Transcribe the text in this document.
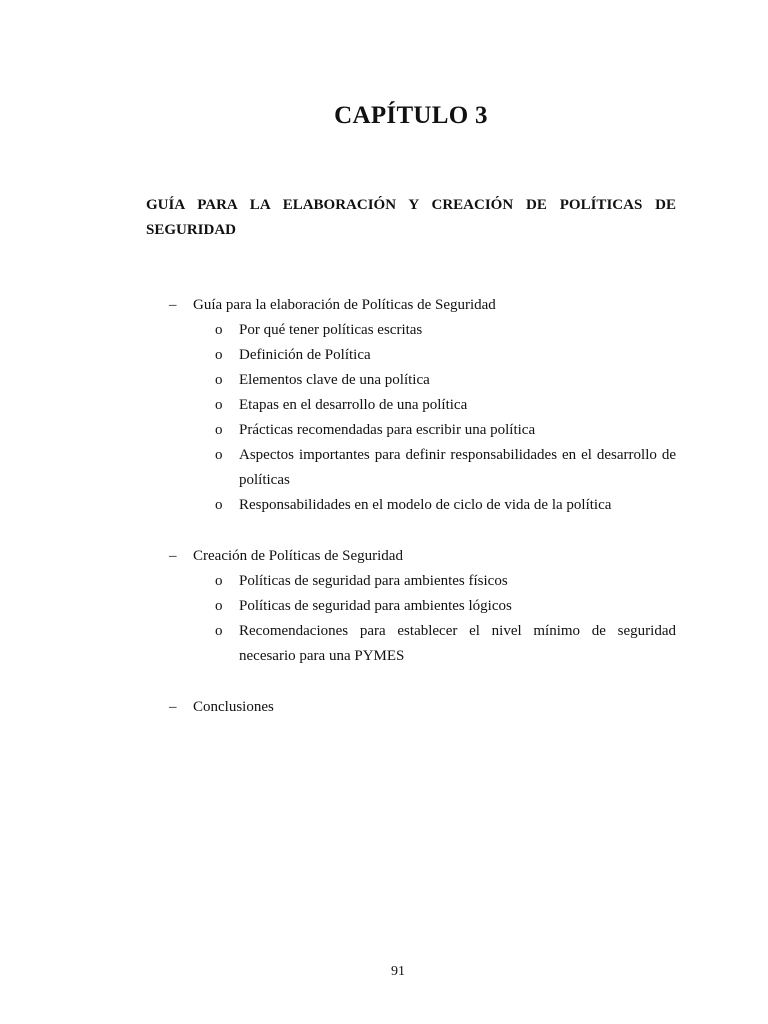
CAPÍTULO 3
GUÍA PARA LA ELABORACIÓN Y CREACIÓN DE POLÍTICAS DE SEGURIDAD
– Guía para la elaboración de Políticas de Seguridad
o Por qué tener políticas escritas
o Definición de Política
o Elementos clave de una política
o Etapas en el desarrollo de una política
o Prácticas recomendadas para escribir una política
o Aspectos importantes para definir responsabilidades en el desarrollo de políticas
o Responsabilidades en el modelo de ciclo de vida de la política
– Creación de Políticas de Seguridad
o Políticas de seguridad para ambientes físicos
o Políticas de seguridad para ambientes lógicos
o Recomendaciones para establecer el nivel mínimo de seguridad necesario para una PYMES
– Conclusiones
91
